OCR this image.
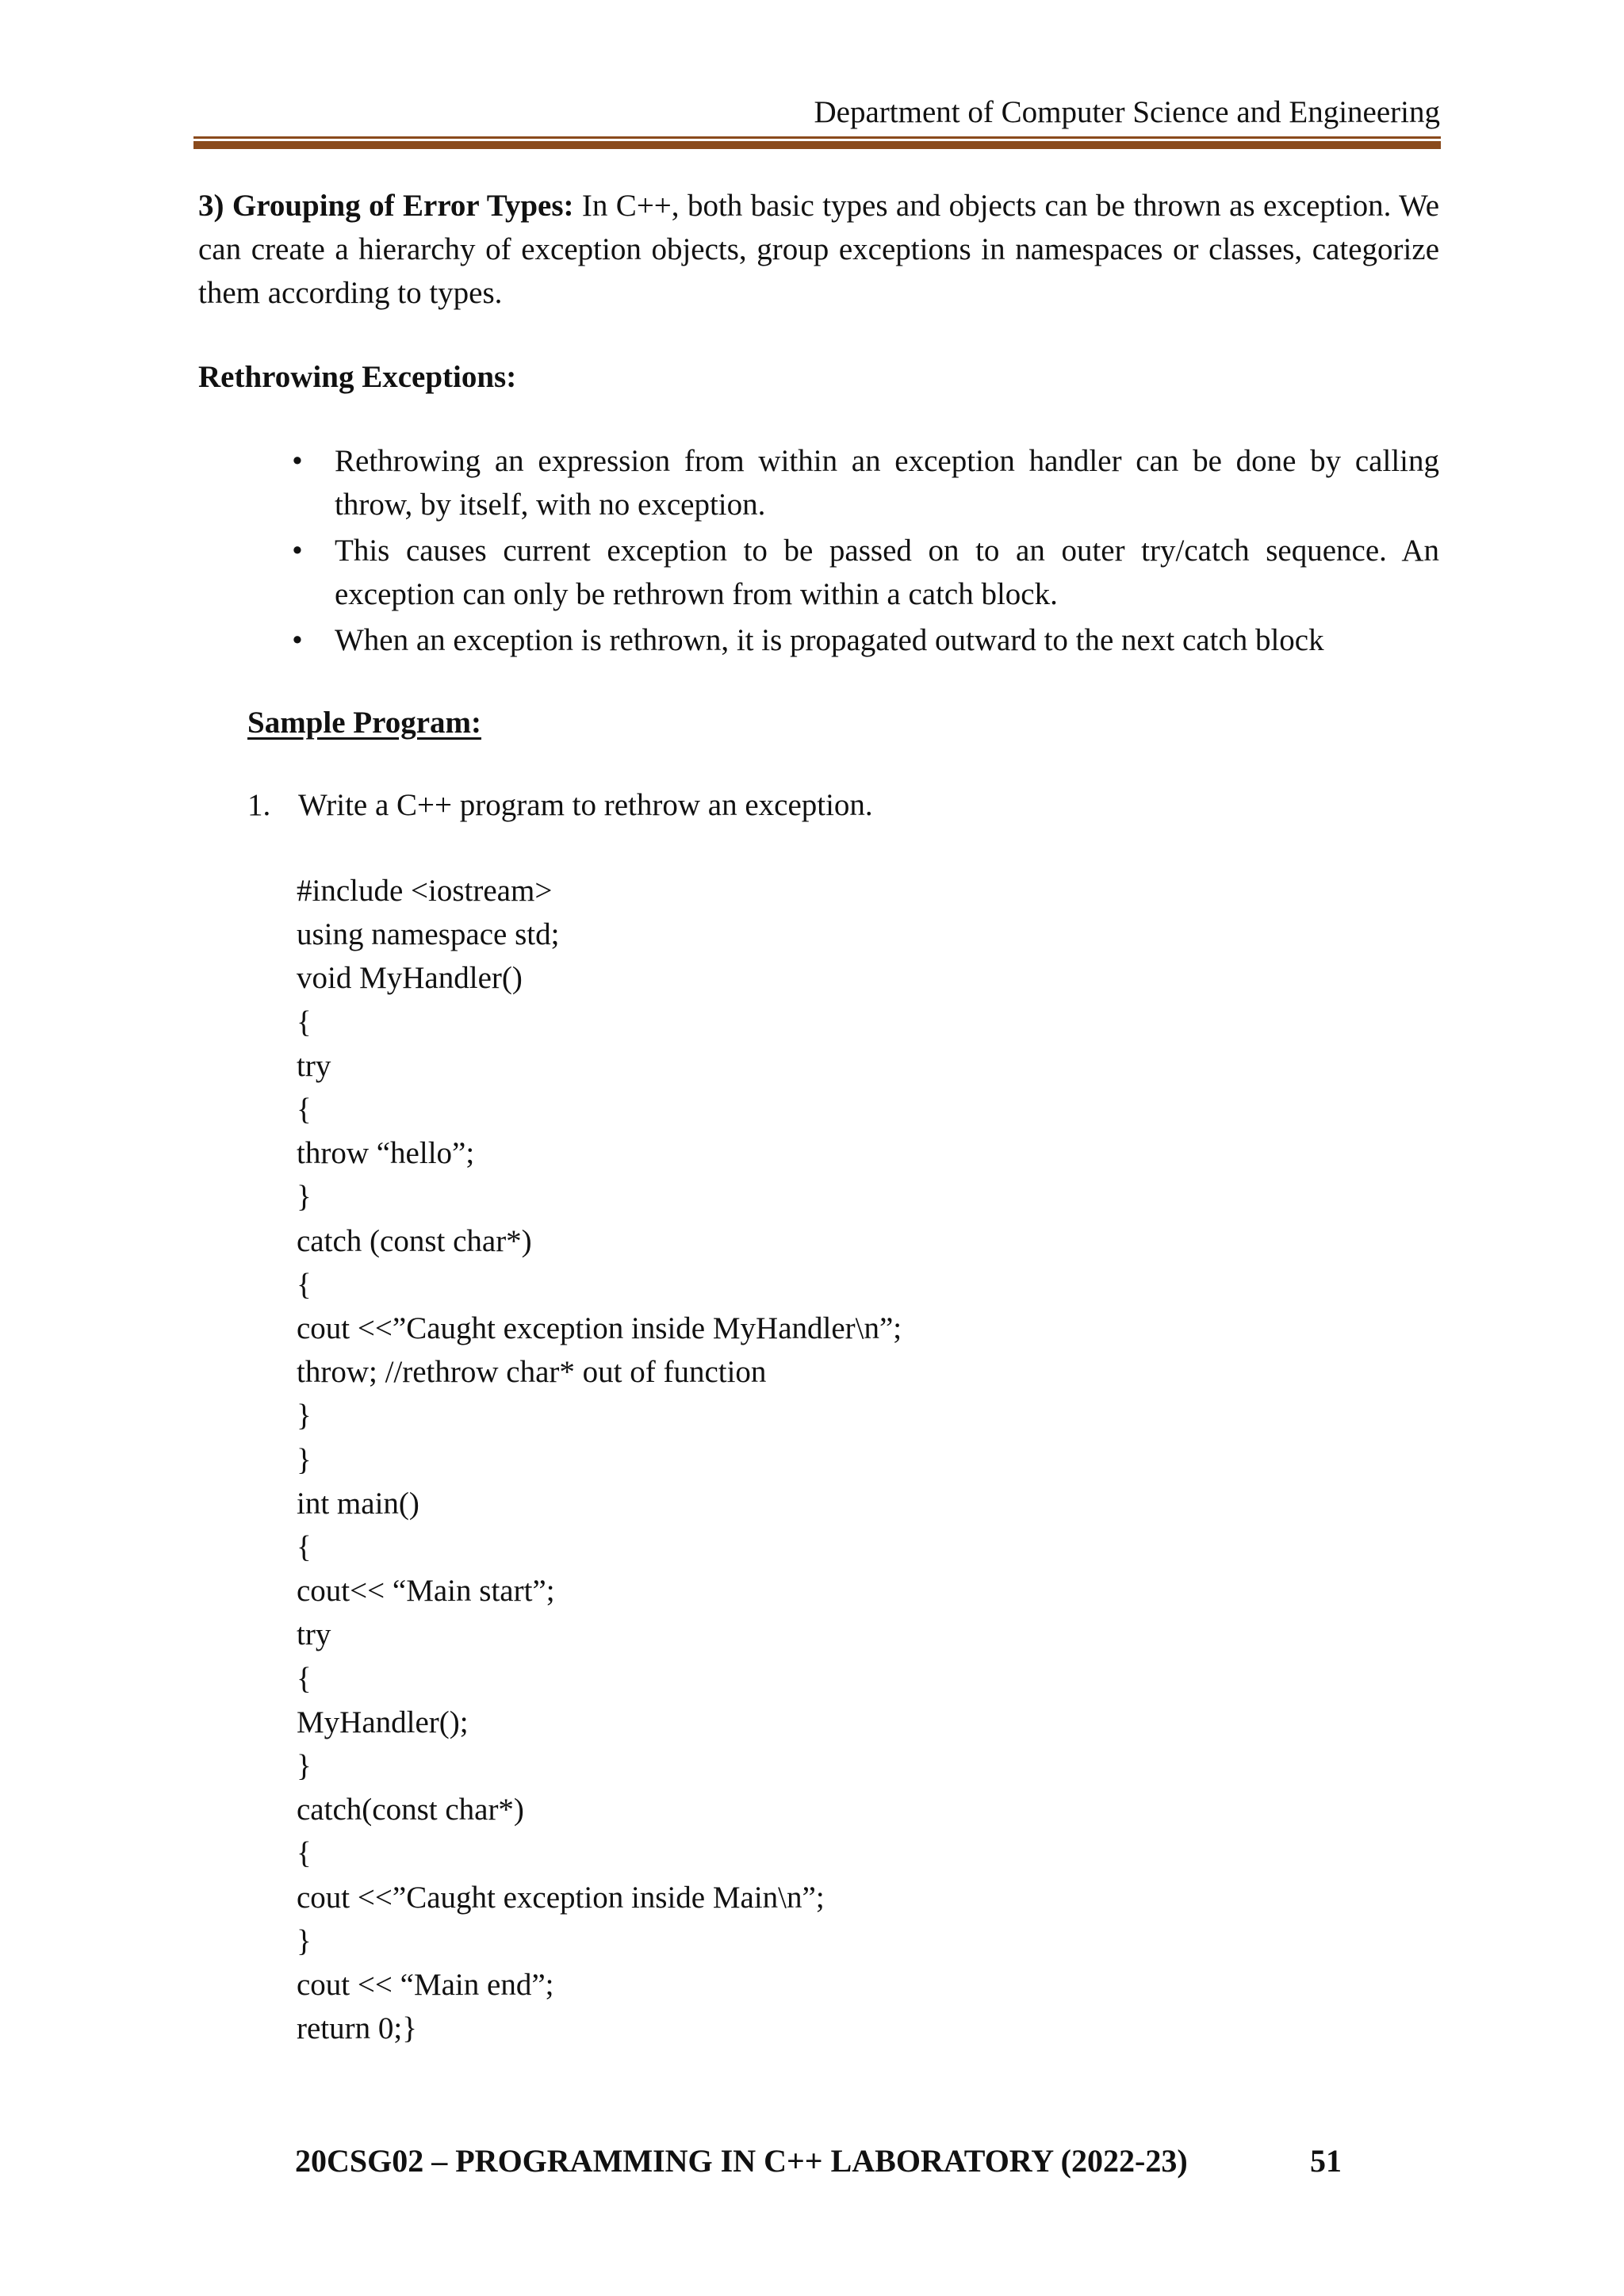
Department of Computer Science and Engineering

3) Grouping of Error Types: In C++, both basic types and objects can be thrown as exception. We can create a hierarchy of exception objects, group exceptions in namespaces or classes, categorize them according to types.

Rethrowing Exceptions:
• Rethrowing an expression from within an exception handler can be done by calling throw, by itself, with no exception.
• This causes current exception to be passed on to an outer try/catch sequence. An exception can only be rethrown from within a catch block.
• When an exception is rethrown, it is propagated outward to the next catch block
Sample Program:
1. Write a C++ program to rethrow an exception.
#include <iostream>
using namespace std;
void MyHandler()
{
try
{
throw “hello”;
}
catch (const char*)
{
cout <<”Caught exception inside MyHandler\n”;
throw; //rethrow char* out of function
}
}
int main()
{
cout<< “Main start”;
try
{
MyHandler();
}
catch(const char*)
{
cout <<”Caught exception inside Main\n”;
}
cout << “Main end”;
return 0;}
20CSG02 – PROGRAMMING IN C++ LABORATORY (2022-23)	51
